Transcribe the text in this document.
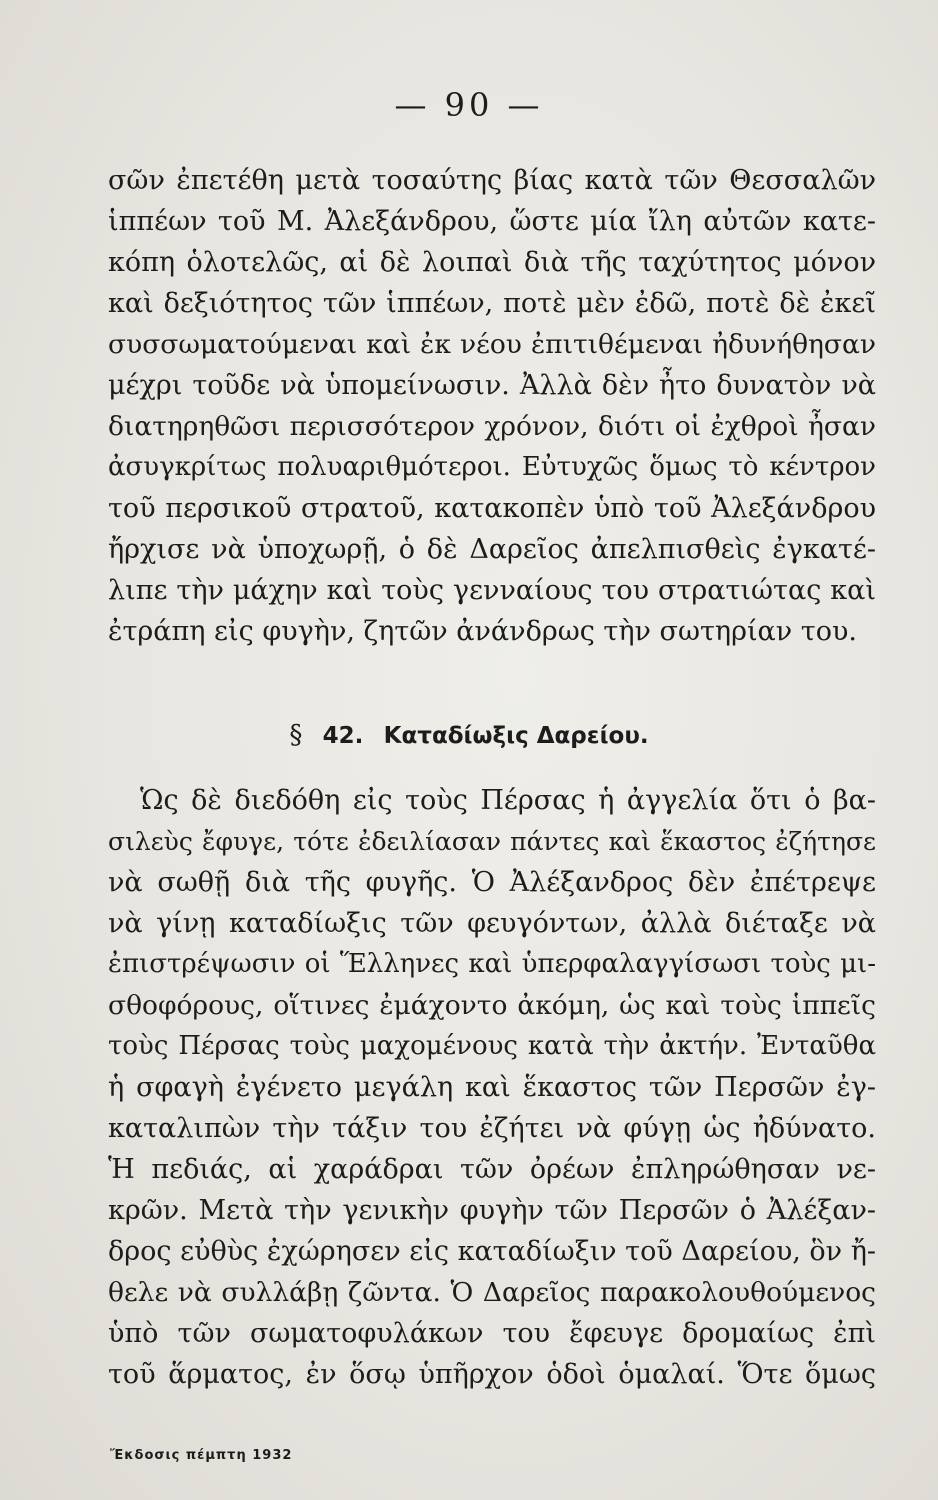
— 90 —
σῶν ἐπετέθη μετὰ τοσαύτης βίας κατὰ τῶν Θεσσαλῶν
ἱππέων τοῦ Μ. Ἀλεξάνδρου, ὥστε μία ἴλη αὐτῶν κατε-
κόπη ὁλοτελῶς, αἱ δὲ λοιπαὶ διὰ τῆς ταχύτητος μόνον
καὶ δεξιότητος τῶν ἱππέων, ποτὲ μὲν ἐδῶ, ποτὲ δὲ ἐκεῖ
συσσωματούμεναι καὶ ἐκ νέου ἐπιτιθέμεναι ἠδυνήθησαν
μέχρι τοῦδε νὰ ὑπομείνωσιν. Ἀλλὰ δὲν ἦτο δυνατὸν νὰ
διατηρηθῶσι περισσότερον χρόνον, διότι οἱ ἐχθροὶ ἦσαν
ἀσυγκρίτως πολυαριθμότεροι. Εὐτυχῶς ὅμως τὸ κέντρον
τοῦ περσικοῦ στρατοῦ, κατακοπὲν ὑπὸ τοῦ Ἀλεξάνδρου
ἤρχισε νὰ ὑποχωρῇ, ὁ δὲ Δαρεῖος ἀπελπισθεὶς ἐγκατέ-
λιπε τὴν μάχην καὶ τοὺς γενναίους του στρατιώτας καὶ
ἐτράπη εἰς φυγὴν, ζητῶν ἀνάνδρως τὴν σωτηρίαν του.
§ 42. Καταδίωξις Δαρείου.
Ὡς δὲ διεδόθη εἰς τοὺς Πέρσας ἡ ἀγγελία ὅτι ὁ βα-
σιλεὺς ἔφυγε, τότε ἐδειλίασαν πάντες καὶ ἕκαστος ἐζήτησε
νὰ σωθῇ διὰ τῆς φυγῆς. Ὁ Ἀλέξανδρος δὲν ἐπέτρεψε
νὰ γίνῃ καταδίωξις τῶν φευγόντων, ἀλλὰ διέταξε νὰ
ἐπιστρέψωσιν οἱ Ἕλληνες καὶ ὑπερφαλαγγίσωσι τοὺς μι-
σθοφόρους, οἵτινες ἐμάχοντο ἀκόμη, ὡς καὶ τοὺς ἱππεῖς
τοὺς Πέρσας τοὺς μαχομένους κατὰ τὴν ἀκτήν. Ἐνταῦθα
ἡ σφαγὴ ἐγένετο μεγάλη καὶ ἕκαστος τῶν Περσῶν ἐγ-
καταλιπὼν τὴν τάξιν του ἐζήτει νὰ φύγῃ ὡς ἠδύνατο.
Ἡ πεδιάς, αἱ χαράδραι τῶν ὀρέων ἐπληρώθησαν νε-
κρῶν. Μετὰ τὴν γενικὴν φυγὴν τῶν Περσῶν ὁ Ἀλέξαν-
δρος εὐθὺς ἐχώρησεν εἰς καταδίωξιν τοῦ Δαρείου, ὃν ἤ-
θελε νὰ συλλάβῃ ζῶντα. Ὁ Δαρεῖος παρακολουθούμενος
ὑπὸ τῶν σωματοφυλάκων του ἔφευγε δρομαίως ἐπὶ
τοῦ ἅρματος, ἐν ὅσῳ ὑπῆρχον ὁδοὶ ὁμαλαί. Ὅτε ὅμως
Ἔκδοσις πέμπτη 1932
